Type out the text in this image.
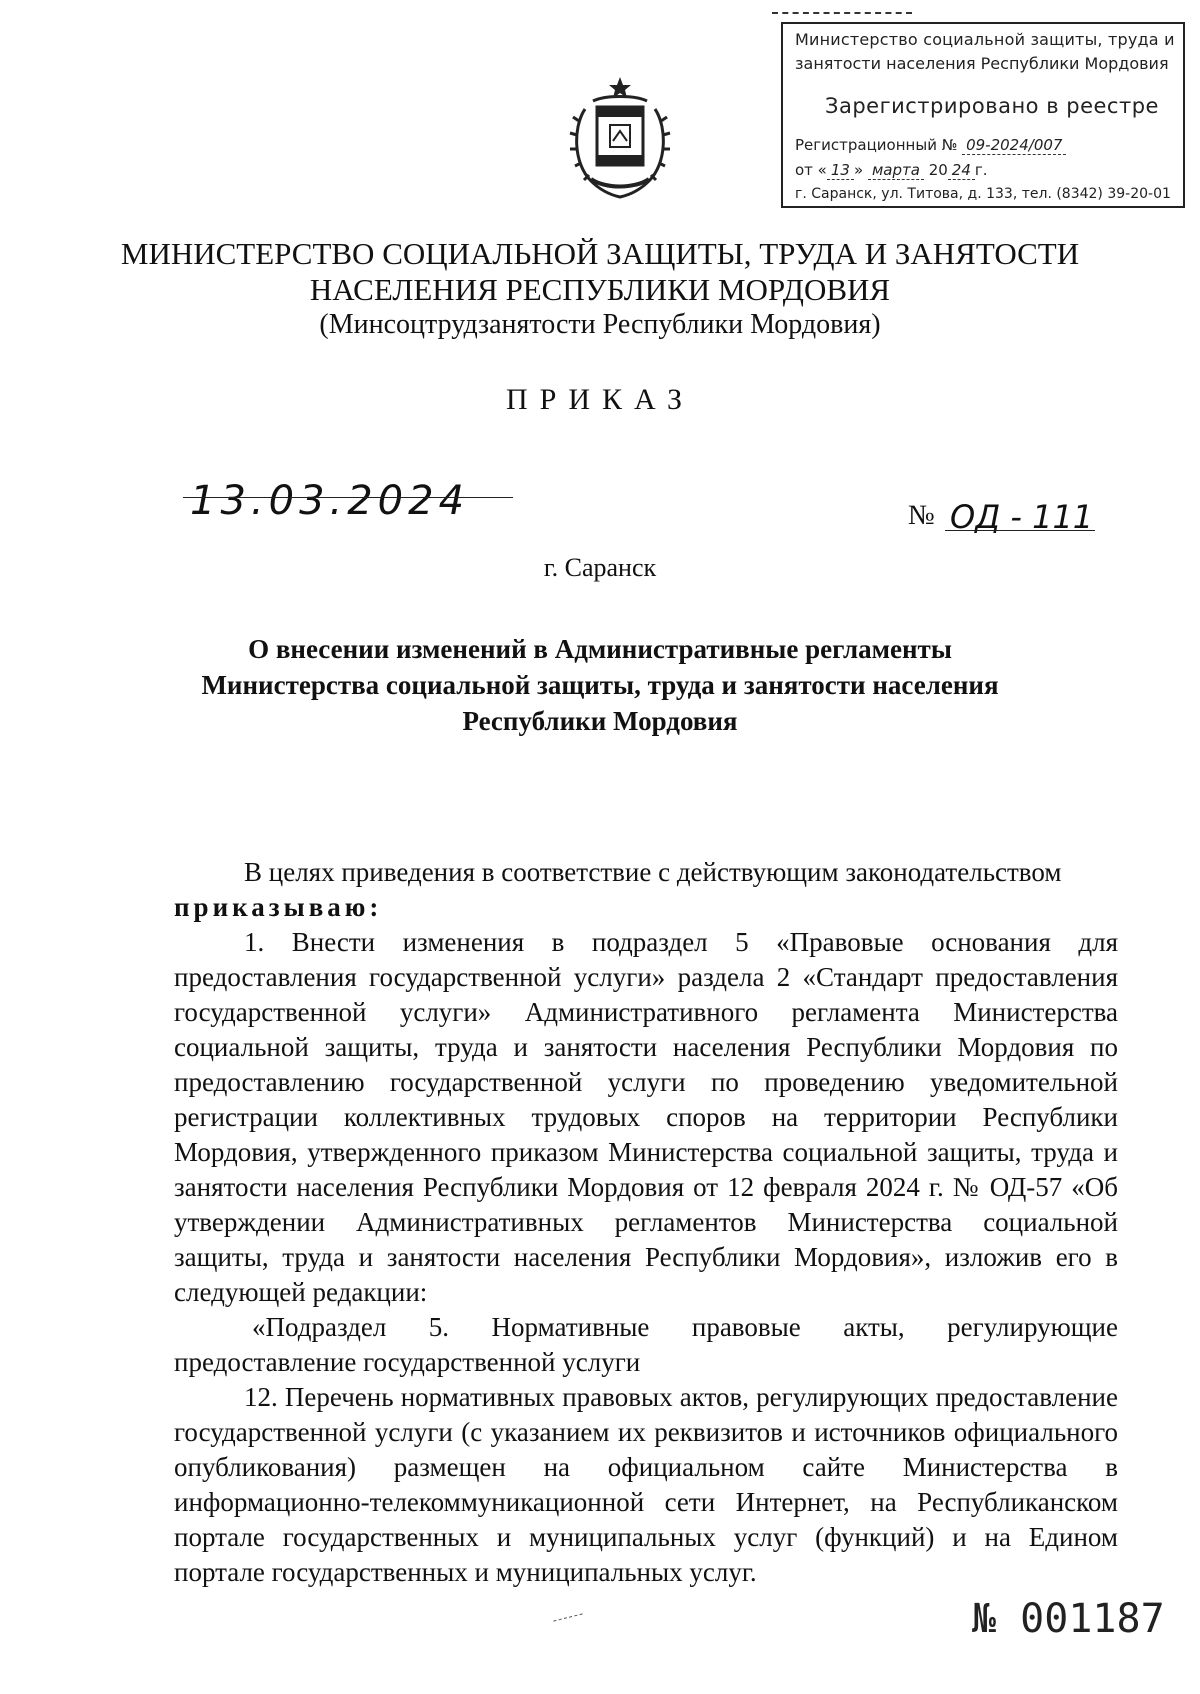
Министерство социальной защиты, труда и
занятости населения Республики Мордовия
Зарегистрировано в реестре
Регистрационный № 09-2024/007
от « 13 » марта 20 24 г.
г. Саранск, ул. Титова, д. 133, тел. (8342) 39-20-01
МИНИСТЕРСТВО СОЦИАЛЬНОЙ ЗАЩИТЫ, ТРУДА И ЗАНЯТОСТИ
НАСЕЛЕНИЯ РЕСПУБЛИКИ МОРДОВИЯ
(Минсоцтрудзанятости Республики Мордовия)
ПРИКАЗ
13.03.2024	№ ОД - 111
г. Саранск
О внесении изменений в Административные регламенты
Министерства социальной защиты, труда и занятости населения
Республики Мордовия

В целях приведения в соответствие с действующим законодательством

приказываю:

1. Внести изменения в подраздел 5 «Правовые основания для предоставления государственной услуги» раздела 2 «Стандарт предоставления государственной услуги» Административного регламента Министерства социальной защиты, труда и занятости населения Республики Мордовия по предоставлению государственной услуги по проведению уведомительной регистрации коллективных трудовых споров на территории Республики Мордовия, утвержденного приказом Министерства социальной защиты, труда и занятости населения Республики Мордовия от 12 февраля 2024 г. № ОД-57 «Об утверждении Административных регламентов Министерства социальной защиты, труда и занятости населения Республики Мордовия», изложив его в следующей редакции:

«Подраздел 5. Нормативные правовые акты, регулирующие предоставление государственной услуги

12. Перечень нормативных правовых актов, регулирующих предоставление государственной услуги (с указанием их реквизитов и источников официального опубликования) размещен на официальном сайте Министерства в информационно-телекоммуникационной сети Интернет, на Республиканском портале государственных и муниципальных услуг (функций) и на Едином портале государственных и муниципальных услуг.

№ 001187
